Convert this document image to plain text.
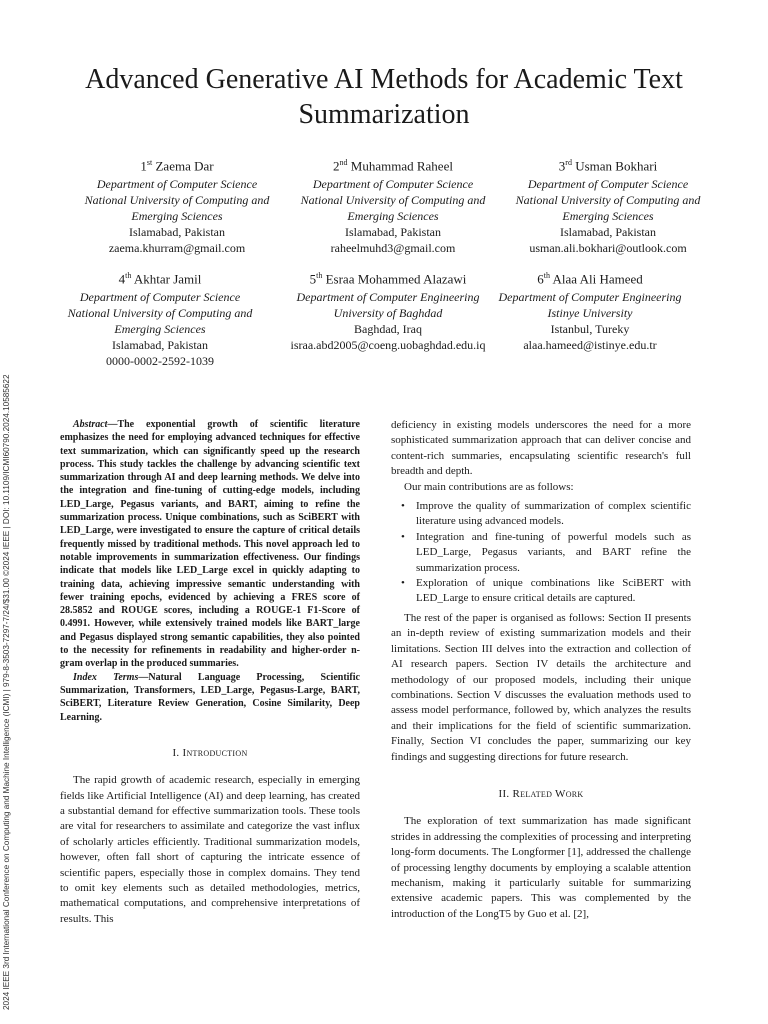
2024 IEEE 3rd International Conference on Computing and Machine Intelligence (ICMI) | 979-8-3503-7297-7/24/$31.00 ©2024 IEEE | DOI: 10.1109/ICMI60790.2024.10585622
Advanced Generative AI Methods for Academic Text Summarization
1st Zaema Dar
Department of Computer Science
National University of Computing and Emerging Sciences
Islamabad, Pakistan
zaema.khurram@gmail.com
2nd Muhammad Raheel
Department of Computer Science
National University of Computing and Emerging Sciences
Islamabad, Pakistan
raheelmuhd3@gmail.com
3rd Usman Bokhari
Department of Computer Science
National University of Computing and Emerging Sciences
Islamabad, Pakistan
usman.ali.bokhari@outlook.com
4th Akhtar Jamil
Department of Computer Science
National University of Computing and Emerging Sciences
Islamabad, Pakistan
0000-0002-2592-1039
5th Esraa Mohammed Alazawi
Department of Computer Engineering
University of Baghdad
Baghdad, Iraq
israa.abd2005@coeng.uobaghdad.edu.iq
6th Alaa Ali Hameed
Department of Computer Engineering
Istinye University
Istanbul, Tureky
alaa.hameed@istinye.edu.tr

Abstract—The exponential growth of scientific literature emphasizes the need for employing advanced techniques for effective text summarization, which can significantly speed up the research process. This study tackles the challenge by advancing scientific text summarization through AI and deep learning methods. We delve into the integration and fine-tuning of cutting-edge models, including LED_Large, Pegasus variants, and BART, aiming to refine the summarization process. Unique combinations, such as SciBERT with LED_Large, were investigated to ensure the capture of critical details frequently missed by traditional methods. This novel approach led to notable improvements in summarization effectiveness. Our findings indicate that models like LED_Large excel in quickly adapting to training data, achieving impressive semantic understanding with fewer training epochs, evidenced by achieving a FRES score of 28.5852 and ROUGE scores, including a ROUGE-1 F1-Score of 0.4991. However, while extensively trained models like BART_large and Pegasus displayed strong semantic capabilities, they also pointed to the necessity for refinements in readability and higher-order n-gram overlap in the produced summaries.

Index Terms—Natural Language Processing, Scientific Summarization, Transformers, LED_Large, Pegasus-Large, BART, SciBERT, Literature Review Generation, Cosine Similarity, Deep Learning.

I. Introduction

The rapid growth of academic research, especially in emerging fields like Artificial Intelligence (AI) and deep learning, has created a substantial demand for effective summarization tools. These tools are vital for researchers to assimilate and categorize the vast influx of scholarly articles efficiently. Traditional summarization models, however, often fall short of capturing the intricate essence of scientific papers, especially those in complex domains. They tend to omit key elements such as detailed methodologies, metrics, mathematical computations, and comprehensive interpretations of results. This

deficiency in existing models underscores the need for a more sophisticated summarization approach that can deliver concise and content-rich summaries, encapsulating scientific research's full breadth and depth.

Our main contributions are as follows:

• Improve the quality of summarization of complex scientific literature using advanced models.
• Integration and fine-tuning of powerful models such as LED_Large, Pegasus variants, and BART refine the summarization process.
• Exploration of unique combinations like SciBERT with LED_Large to ensure critical details are captured.

The rest of the paper is organised as follows: Section II presents an in-depth review of existing summarization models and their limitations. Section III delves into the extraction and collection of AI research papers. Section IV details the architecture and methodology of our proposed models, including their unique combinations. Section V discusses the evaluation methods used to assess model performance, followed by, which analyzes the results and their implications for the field of scientific summarization. Finally, Section VI concludes the paper, summarizing our key findings and suggesting directions for future research.

II. Related Work

The exploration of text summarization has made significant strides in addressing the complexities of processing and interpreting long-form documents. The Longformer [1], addressed the challenge of processing lengthy documents by employing a scalable attention mechanism, making it particularly suitable for summarizing extensive academic papers. This was complemented by the introduction of the LongT5 by Guo et al. [2],
